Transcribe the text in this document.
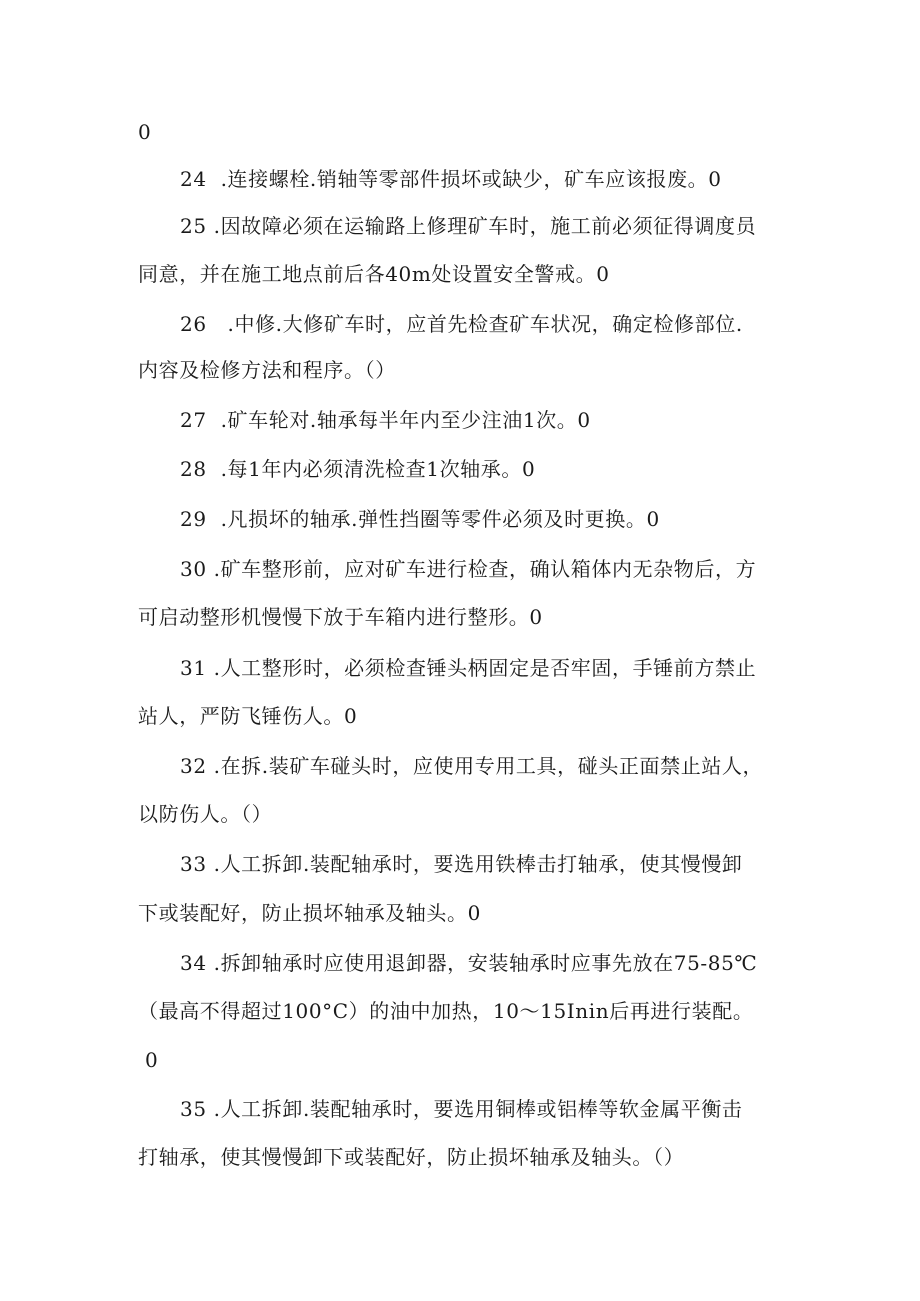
0
24  .连接螺栓.销轴等零部件损坏或缺少，矿车应该报废。0
25 .因故障必须在运输路上修理矿车时，施工前必须征得调度员
同意，并在施工地点前后各40m处设置安全警戒。0
26   .中修.大修矿车时，应首先检查矿车状况，确定检修部位.
内容及检修方法和程序。（）
27  .矿车轮对.轴承每半年内至少注油1次。0
28  .每1年内必须清洗检查1次轴承。0
29  .凡损坏的轴承.弹性挡圈等零件必须及时更换。0
30 .矿车整形前，应对矿车进行检查，确认箱体内无杂物后，方
可启动整形机慢慢下放于车箱内进行整形。0
31 .人工整形时，必须检查锤头柄固定是否牢固，手锤前方禁止
站人，严防飞锤伤人。0
32 .在拆.装矿车碰头时，应使用专用工具，碰头正面禁止站人，
以防伤人。（）
33 .人工拆卸.装配轴承时，要选用铁棒击打轴承，使其慢慢卸
下或装配好，防止损坏轴承及轴头。0
34 .拆卸轴承时应使用退卸器，安装轴承时应事先放在75-85℃
（最高不得超过100°C）的油中加热，10～15Inin后再进行装配。
0
35 .人工拆卸.装配轴承时，要选用铜棒或铝棒等软金属平衡击
打轴承，使其慢慢卸下或装配好，防止损坏轴承及轴头。（）
